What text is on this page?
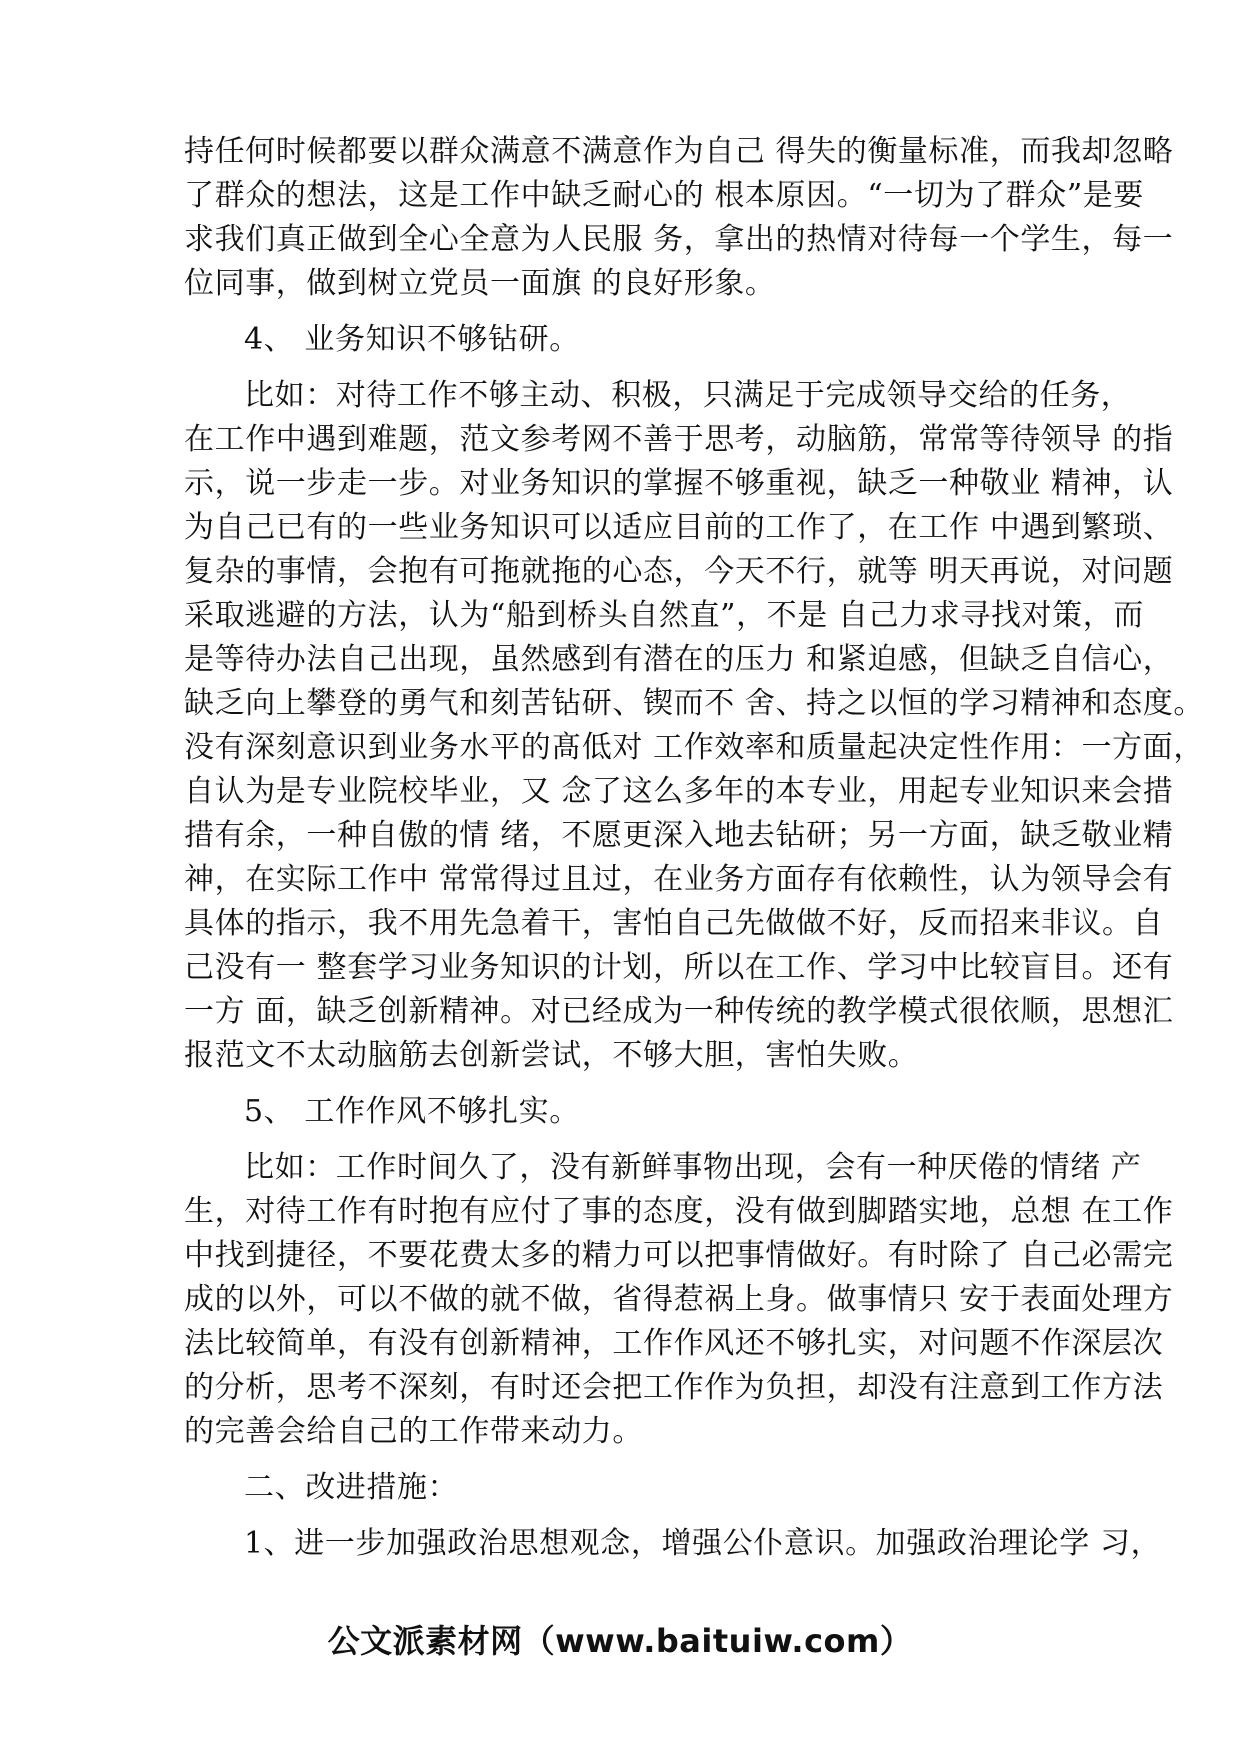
持任何时候都要以群众满意不满意作为自己 得失的衡量标准，而我却忽略
了群众的想法，这是工作中缺乏耐心的 根本原因。“一切为了群众”是要
求我们真正做到全心全意为人民服 务，拿出的热情对待每一个学生，每一
位同事，做到树立党员一面旗 的良好形象。
4、 业务知识不够钻研。
比如：对待工作不够主动、积极，只满足于完成领导交给的任务，
在工作中遇到难题，范文参考网不善于思考，动脑筋，常常等待领导 的指
示，说一步走一步。对业务知识的掌握不够重视，缺乏一种敬业 精神，认
为自己已有的一些业务知识可以适应目前的工作了，在工作 中遇到繁琐、
复杂的事情，会抱有可拖就拖的心态，今天不行，就等 明天再说，对问题
采取逃避的方法，认为“船到桥头自然直”，不是 自己力求寻找对策，而
是等待办法自己出现，虽然感到有潜在的压力 和紧迫感，但缺乏自信心，
缺乏向上攀登的勇气和刻苦钻研、锲而不 舍、持之以恒的学习精神和态度。
没有深刻意识到业务水平的髙低对 工作效率和质量起决定性作用：一方面，
自认为是专业院校毕业，又 念了这么多年的本专业，用起专业知识来会措
措有余，一种自傲的情 绪，不愿更深入地去钻研；另一方面，缺乏敬业精
神，在实际工作中 常常得过且过，在业务方面存有依赖性，认为领导会有
具体的指示，我不用先急着干，害怕自己先做做不好，反而招来非议。自
己没有一 整套学习业务知识的计划，所以在工作、学习中比较盲目。还有
一方 面，缺乏创新精神。对已经成为一种传统的教学模式很依顺，思想汇
报范文不太动脑筋去创新尝试，不够大胆，害怕失败。
5、 工作作风不够扎实。
比如：工作时间久了，没有新鲜事物出现，会有一种厌倦的情绪 产
生，对待工作有时抱有应付了事的态度，没有做到脚踏实地，总想 在工作
中找到捷径，不要花费太多的精力可以把事情做好。有时除了 自己必需完
成的以外，可以不做的就不做，省得惹祸上身。做事情只 安于表面处理方
法比较简单，有没有创新精神，工作作风还不够扎实，对问题不作深层次
的分析，思考不深刻，有时还会把工作作为负担，却没有注意到工作方法
的完善会给自己的工作带来动力。
二、改进措施：
1、进一步加强政治思想观念，增强公仆意识。加强政治理论学 习，
公文派素材网（www.baituiw.com）
